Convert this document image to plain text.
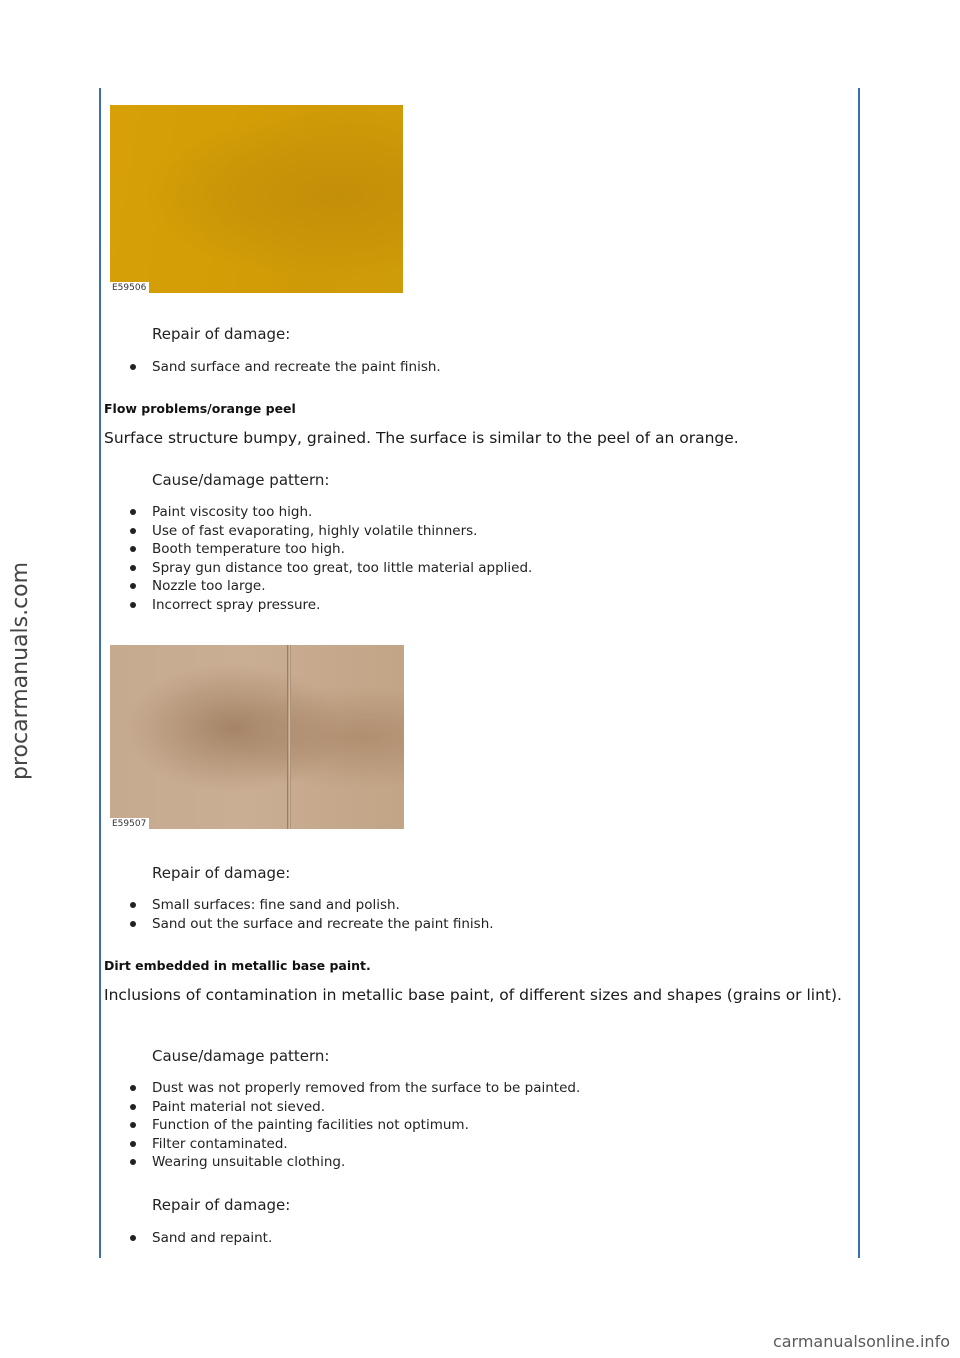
procarmanuals.com
E59506
Repair of damage:
Sand surface and recreate the paint finish.
Flow problems/orange peel
Surface structure bumpy, grained. The surface is similar to the peel of an orange.
Cause/damage pattern:
Paint viscosity too high.
Use of fast evaporating, highly volatile thinners.
Booth temperature too high.
Spray gun distance too great, too little material applied.
Nozzle too large.
Incorrect spray pressure.
E59507
Repair of damage:
Small surfaces: fine sand and polish.
Sand out the surface and recreate the paint finish.
Dirt embedded in metallic base paint.
Inclusions of contamination in metallic base paint, of different sizes and shapes (grains or lint).
Cause/damage pattern:
Dust was not properly removed from the surface to be painted.
Paint material not sieved.
Function of the painting facilities not optimum.
Filter contaminated.
Wearing unsuitable clothing.
Repair of damage:
Sand and repaint.
carmanualsonline.info
